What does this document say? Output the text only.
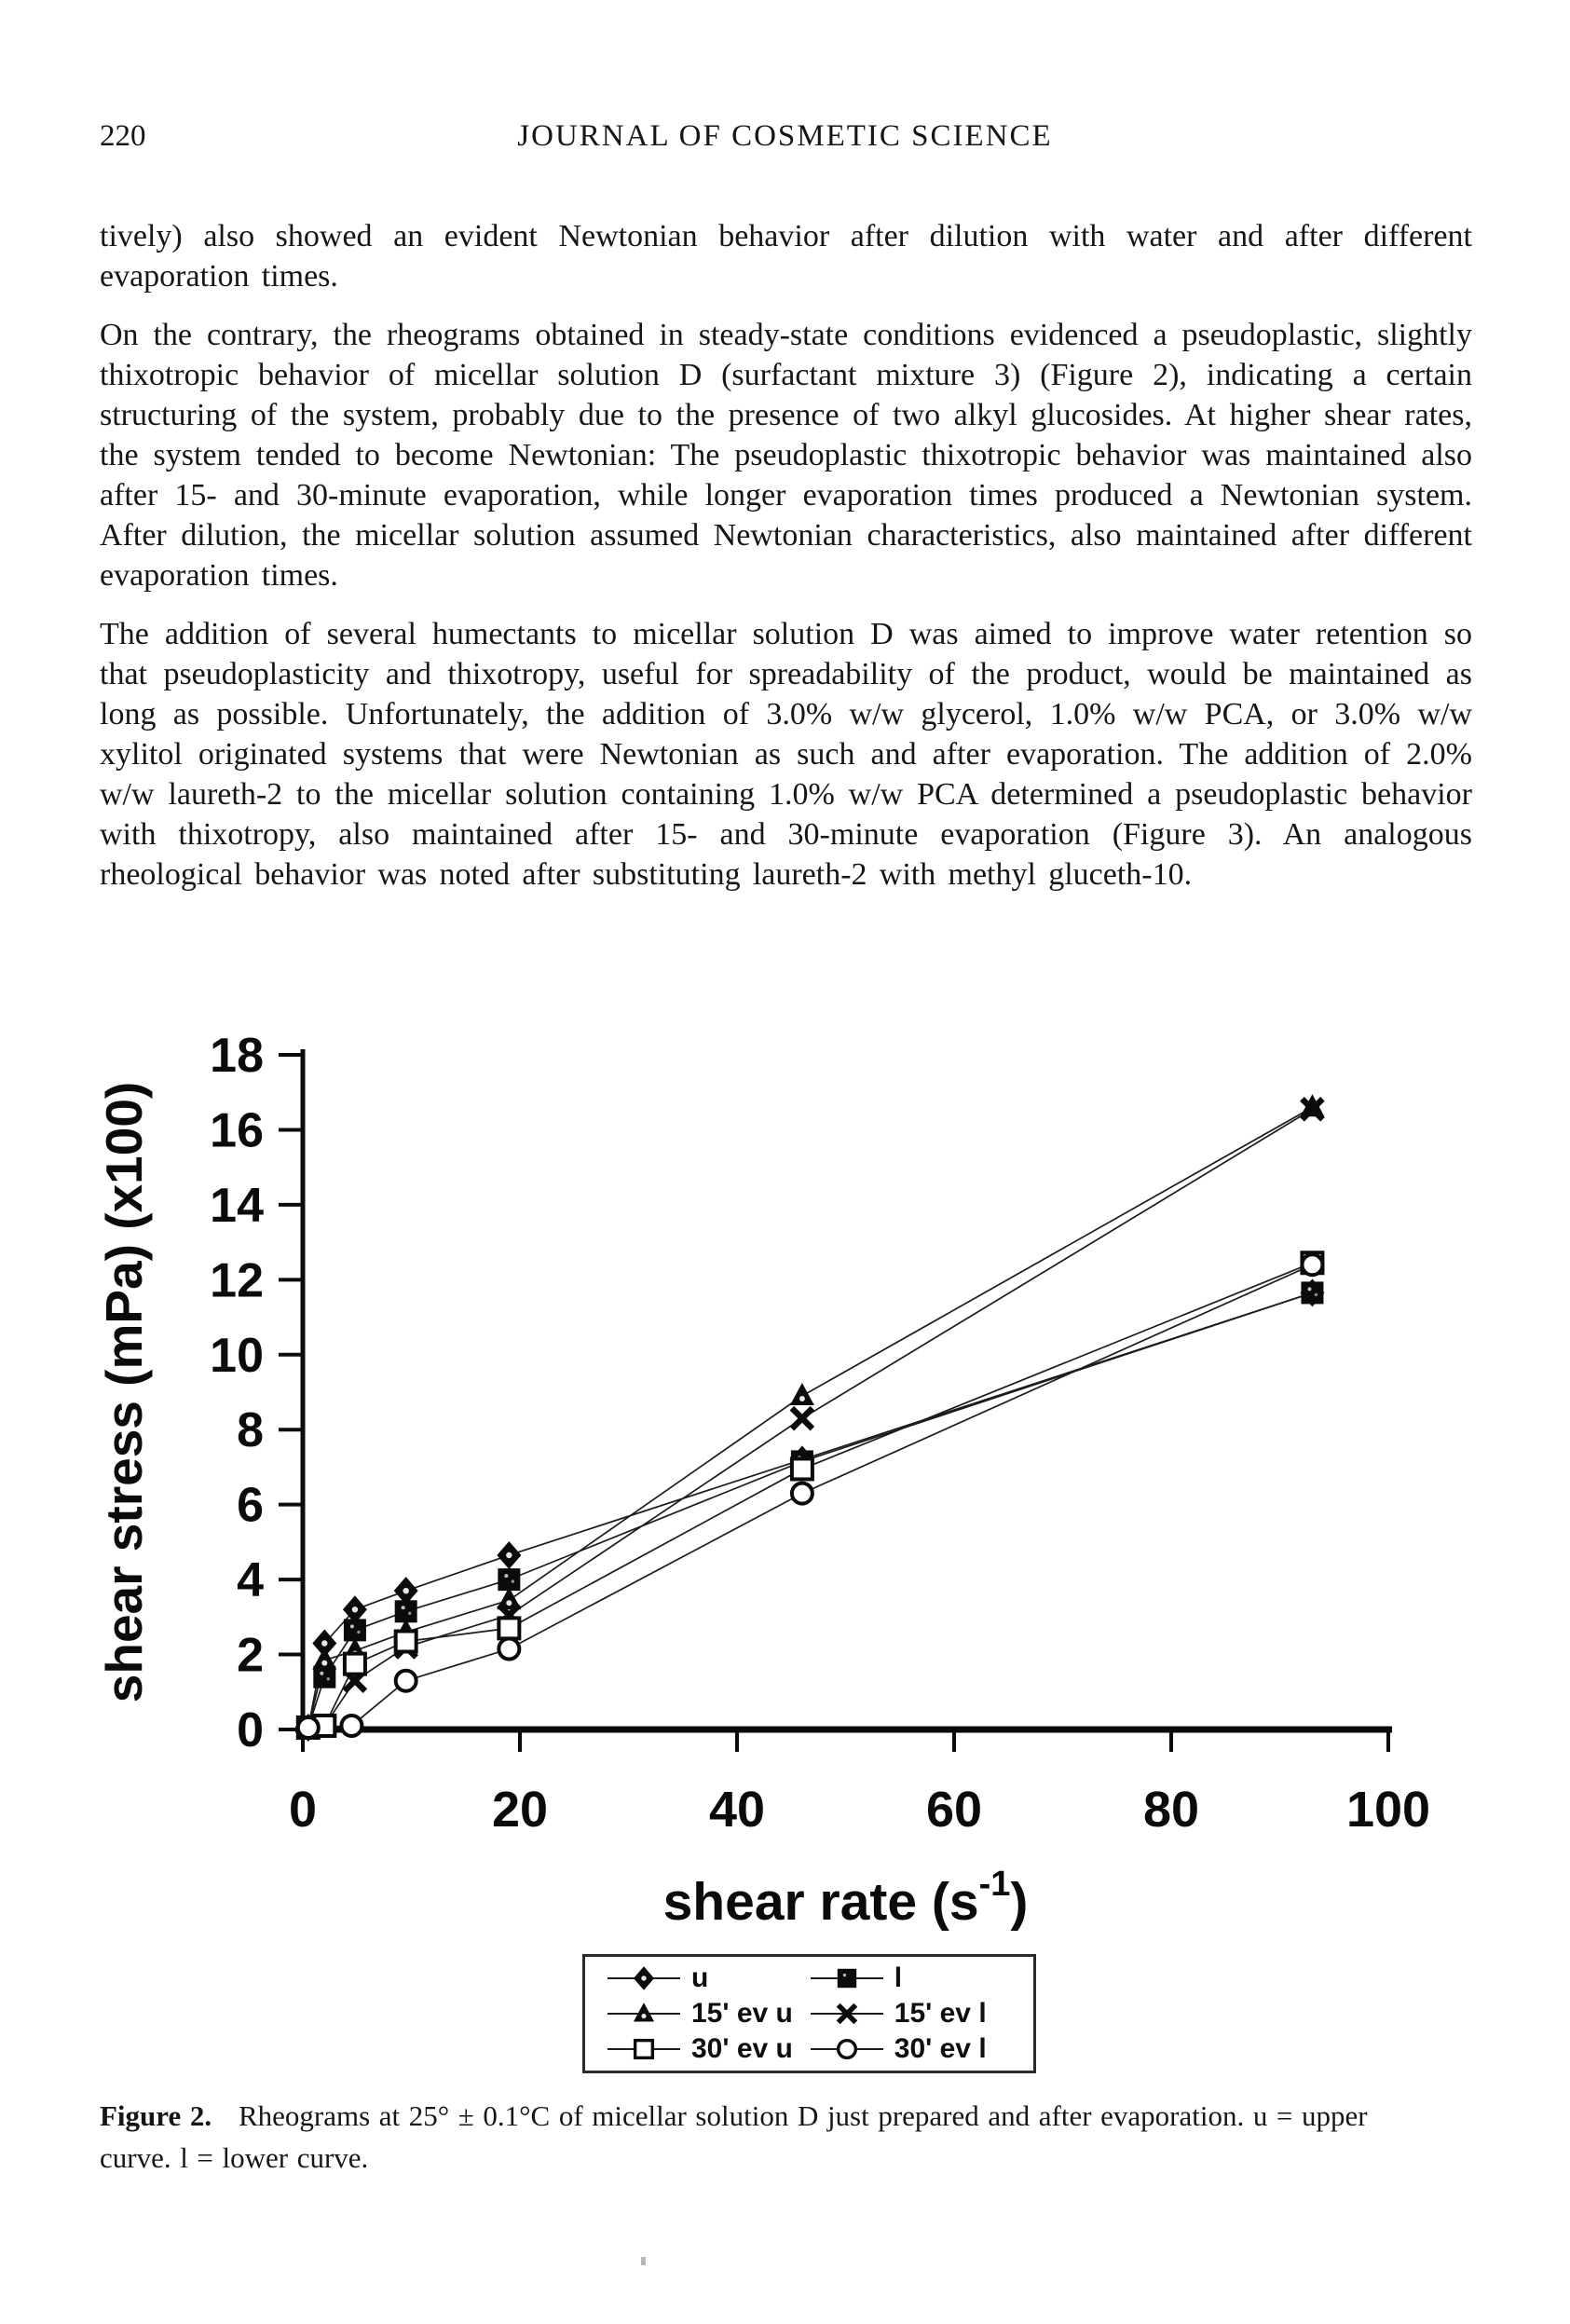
220	JOURNAL OF COSMETIC SCIENCE

tively) also showed an evident Newtonian behavior after dilution with water and after different evaporation times.

On the contrary, the rheograms obtained in steady-state conditions evidenced a pseudoplastic, slightly thixotropic behavior of micellar solution D (surfactant mixture 3) (Figure 2), indicating a certain structuring of the system, probably due to the presence of two alkyl glucosides. At higher shear rates, the system tended to become Newtonian: The pseudoplastic thixotropic behavior was maintained also after 15- and 30-minute evaporation, while longer evaporation times produced a Newtonian system. After dilution, the micellar solution assumed Newtonian characteristics, also maintained after different evaporation times.

The addition of several humectants to micellar solution D was aimed to improve water retention so that pseudoplasticity and thixotropy, useful for spreadability of the product, would be maintained as long as possible. Unfortunately, the addition of 3.0% w/w glycerol, 1.0% w/w PCA, or 3.0% w/w xylitol originated systems that were Newtonian as such and after evaporation. The addition of 2.0% w/w laureth-2 to the micellar solution containing 1.0% w/w PCA determined a pseudoplastic behavior with thixotropy, also maintained after 15- and 30-minute evaporation (Figure 3). An analogous rheological behavior was noted after substituting laureth-2 with methyl gluceth-10.

0
2
4
6
8
10
12
14
16
18
0	20	40	60	80	100
shear stress (mPa) (x100)
shear rate $(s^{-1})$
u	l
15' ev u	15' ev l
30' ev u	30' ev l
Figure 2. Rheograms at 25° ± 0.1°C of micellar solution D just prepared and after evaporation. u = upper curve. l = lower curve.
